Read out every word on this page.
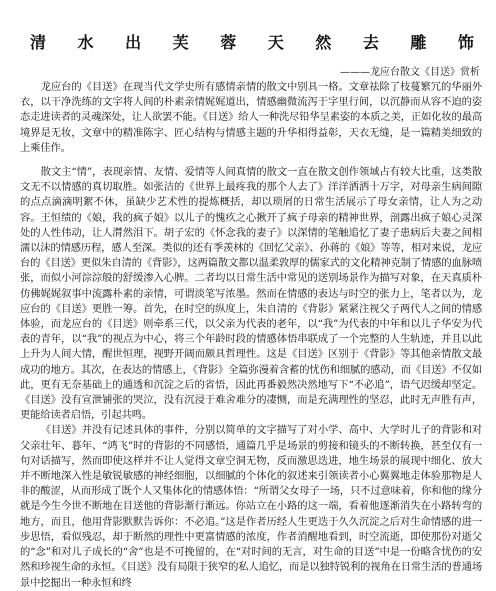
清 水 出 芙 蓉 天 然 去 雕 饰
———龙应台散文《目送》赏析

龙应台的《目送》在现当代文学史所有感情亲情的散文中别具一格。文章祛除了枝蔓繁冗的华丽外衣，以干净洗练的文字将人间的朴素亲情娓娓道出，情感幽微流泻于字里行间，以沉静而从容不迫的姿态走进读者的灵魂深处，让人欲罢不能。《目送》给人一种洗尽铅华呈素姿的本质之美，正如化妆的最高境界是无妆，文章中的精准陈字、匠心结构与情感主题的升华相得益彰，天衣无缝，是一篇精美细致的上乘佳作。

散文主“情”，表现亲情、友情、爱情等人间真情的散文一直在散文创作领域占有较大比重，这类散文无不以情感的真切取胜。如张洁的《世界上最疼我的那个人去了》洋洋洒洒十万字，对母亲生病间隙的点点滴滴明絮不休，虽缺少艺术性的提炼概括，却以琐屑的日常生活展示了母女亲情，让人为之动容。王恒绩的《娘，我的疯子娘》以儿子的愧疚之心揪开了疯子母亲的精神世界，剖露出疯子娘心灵深处的人性伟动，让人潸然泪下。胡子宏的《怀念我的妻子》以深情的笔触追忆了妻子患病后夫妻之间相濡以沫的情感历程，感人至深。类似的还有季羡林的《回忆父亲》、孙蒋的《娘》等等，相对来说，龙应台的《目送》更似朱自清的《背影》，这两篇散文都以温柔敦厚的儒家式的文化精神克制了情感的血脉喷张，而似小河淙淙般的舒缓渗入心脾。二者均以日常生活中常见的送别场景作为描写对象，在天真质朴仿佛娓娓叙事中流露朴素的亲情，可谓淡笔写浓墨。然而在情感的表达与时空的张力上，笔者以为，龙应台的《目送》更胜一筹。首先，在时空的纵度上，朱自清的《背影》紧紧注视父子两代人之间的情感体验，而龙应台的《目送》则牵系三代，以父亲为代表的老年，以“我”为代表的中年和以儿子华安为代表的青年，以“我”的视点为中心，将三个年龄时段的情感体悟串联成了一个完整的人生轨迹，并且以此上升为人间大情，醒世恒理，视野开阔而颇具哲理性。这是《目送》区别于《背影》等其他亲情散文最成功的地方。其次，在表达的情感上，《背影》全篇弥漫着含蓄的忧伤和细腻的感动，而《目送》不仅如此，更有无奈基础上的通透和沉淀之后的省悟，因此再番毅然决然地写下“不必追”，语气迟缓却坚定。《目送》没有宣泄铺张的哭泣，没有沉浸于难舍难分的凄恻，而是充满理性的坚忍，此时无声胜有声，更能给读者启悟，引起共鸣。

《目送》并没有记述具体的事件，分别以简单的文字描写了对小学、高中、大学时儿子的背影和对父亲壮年、暮年、“鸿飞”时的背影的不同感悟，通篇几乎是场景的剪接和镜头的不断转换，甚至仅有一句对话描写，然而即使这样并不让人觉得文章空洞无物，反而激思迭进，地生场景的展现中细化、放大并不断地深入性是敏锐敏感的神经细胞，以细腻的个体化的叙述来引领读者小心翼翼地走体验那物是人非的酸涩，从而形成了既个人又集体化的情感体悟：“所谓父女母子一场，只不过意味着，你和他的缘分就是今生今世不断地在目送他的背影渐行渐远。你站立在小路的这一端，看着他逐渐消失在小路转弯的地方，而且，他用背影默默告诉你：不必追。”这是作者历经人生更迭于久久沉淀之后对生命情感的进一步思悟，看似残忍，却于断然的理性中更富情感的浓度，作者消醒地看到，时空流逝，即使那份对逝父的“念”和对儿子成长的“舍”也是不可挽留的，在“对时间的无言，对生命的目送”中是一份略含忧伤的安然和珍视生命的永恒。《目送》没有局限于狭窄的私人追忆，而是以独特锐利的视角在日常生活的普通场景中挖掘出一种永恒和终
